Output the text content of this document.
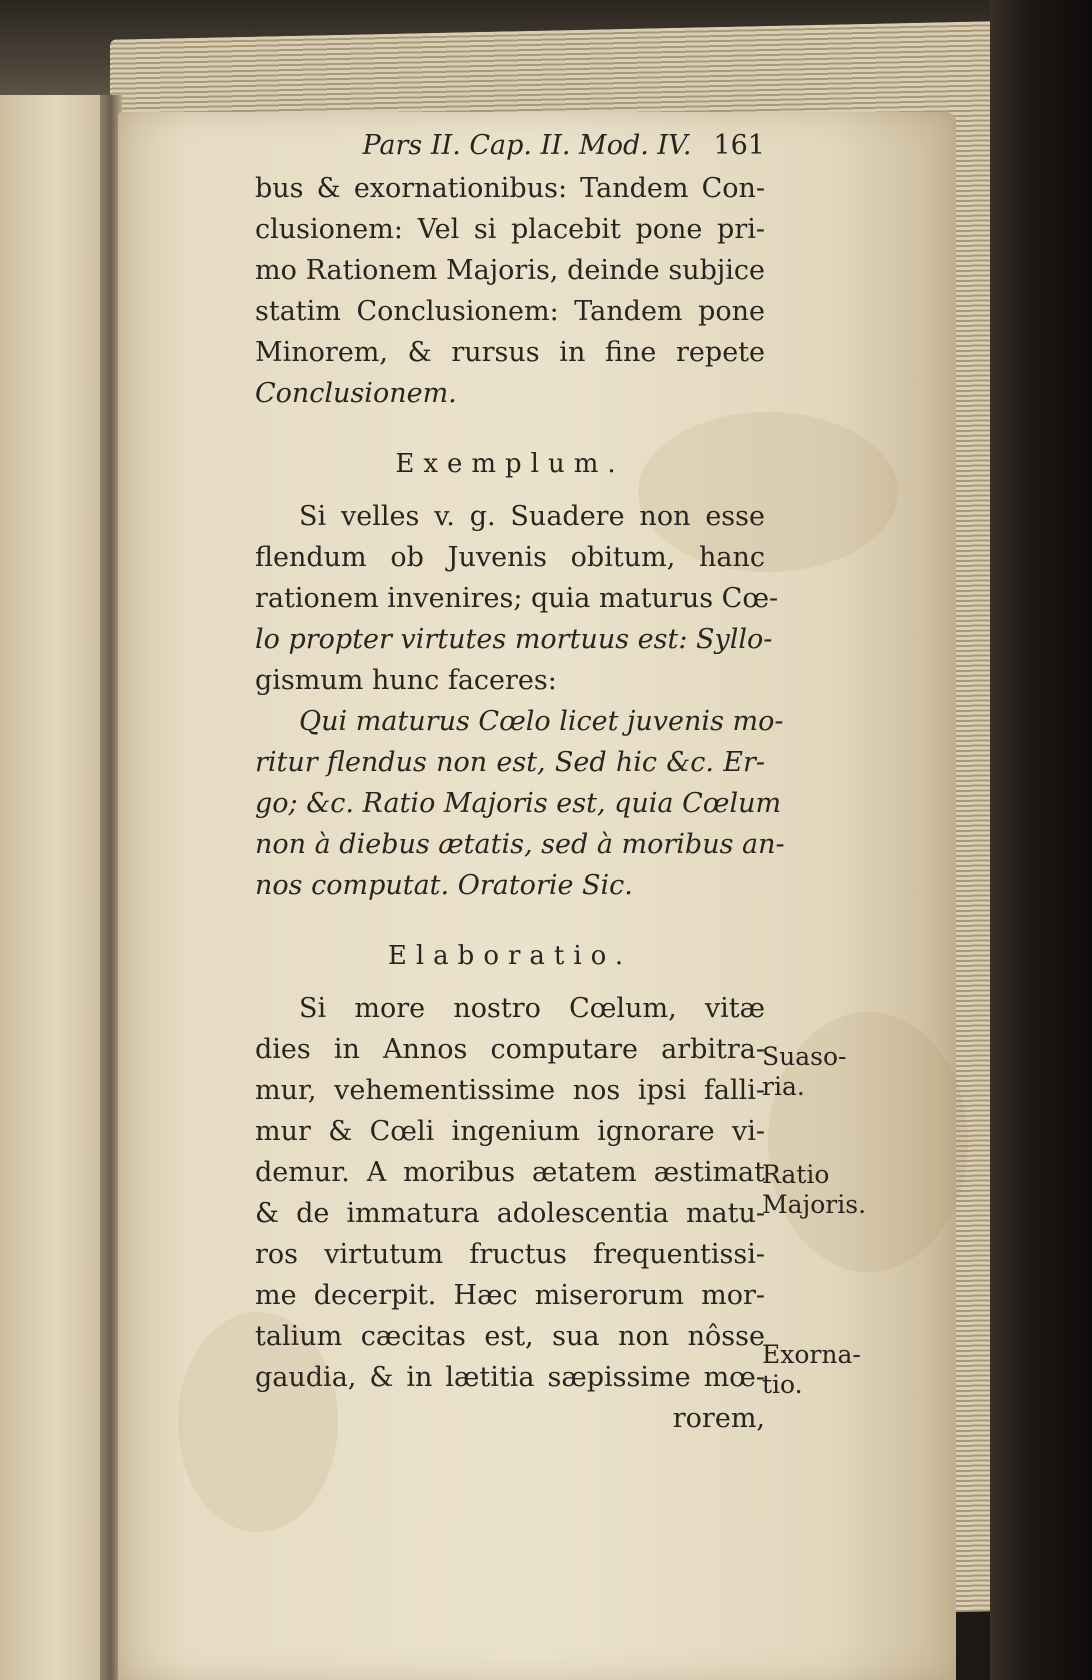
Pars II. Cap. II. Mod. IV. 161
bus & exornationibus: Tandem Con-
clusionem: Vel si placebit pone pri-
mo Rationem Majoris, deinde subjice
statim Conclusionem: Tandem pone
Minorem, & rursus in fine repete
Conclusionem.
Exemplum.
Si velles v. g. Suadere non esse
flendum ob Juvenis obitum, hanc
rationem invenires; quia maturus Cœ-
lo propter virtutes mortuus est: Syllo-
gismum hunc faceres:
Qui maturus Cœlo licet juvenis mo-
ritur flendus non est, Sed hic &c. Er-
go; &c. Ratio Majoris est, quia Cœlum
non à diebus ætatis, sed à moribus an-
nos computat. Oratorie Sic.
Elaboratio.
Si more nostro Cœlum, vitæ
dies in Annos computare arbitra-
mur, vehementissime nos ipsi falli-
mur & Cœli ingenium ignorare vi-
demur. A moribus ætatem æstimat
& de immatura adolescentia matu-
ros virtutum fructus frequentissi-
me decerpit. Hæc miserorum mor-
talium cæcitas est, sua non nôsse
gaudia, & in lætitia sæpissime mœ-
rorem,
Suaso-
ria.
Ratio
Majoris.
Exorna-
tio.
